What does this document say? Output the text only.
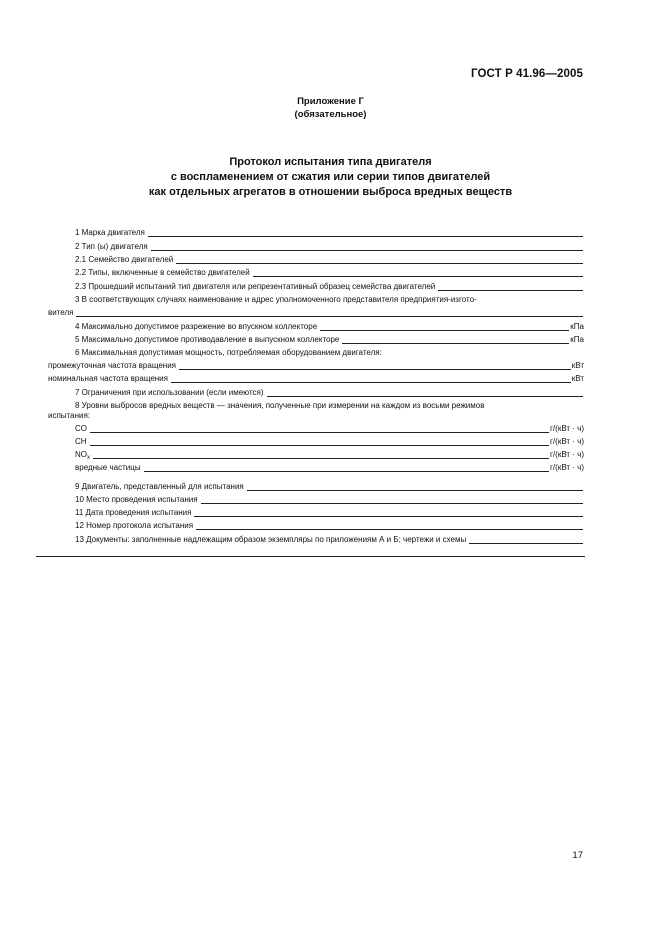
ГОСТ Р 41.96—2005
Приложение Г
(обязательное)
Протокол испытания типа двигателя
с воспламенением от сжатия или серии типов двигателей
как отдельных агрегатов в отношении выброса вредных веществ
1 Марка двигателя
2 Тип (ы) двигателя
2.1 Семейство двигателей
2.2 Типы, включенные в семейство двигателей
2.3 Прошедший испытаний тип двигателя или репрезентативный образец семейства двигателей
3 В соответствующих случаях наименование и адрес уполномоченного представителя предприятия-изгото-
вителя
4 Максимально допустимое разрежение во впускном коллекторе	кПа
5 Максимально допустимое противодавление в выпускном коллекторе	кПа
6 Максимальная допустимая мощность, потребляемая оборудованием двигателя:
промежуточная частота вращения	кВт
номинальная частота вращения	кВт
7 Ограничения при использовании (если имеются)
8 Уровни выбросов вредных веществ — значения, полученные при измерении на каждом из восьми режимов
испытания:
CO	г/(кВт · ч)
CH	г/(кВт · ч)
$NO_x$	г/(кВт · ч)
вредные частицы	г/(кВт · ч)
9 Двигатель, представленный для испытания
10 Место проведения испытания
11 Дата проведения испытания
12 Номер протокола испытания
13 Документы: заполненные надлежащим образом экземпляры по приложениям А и Б; чертежи и схемы
17
